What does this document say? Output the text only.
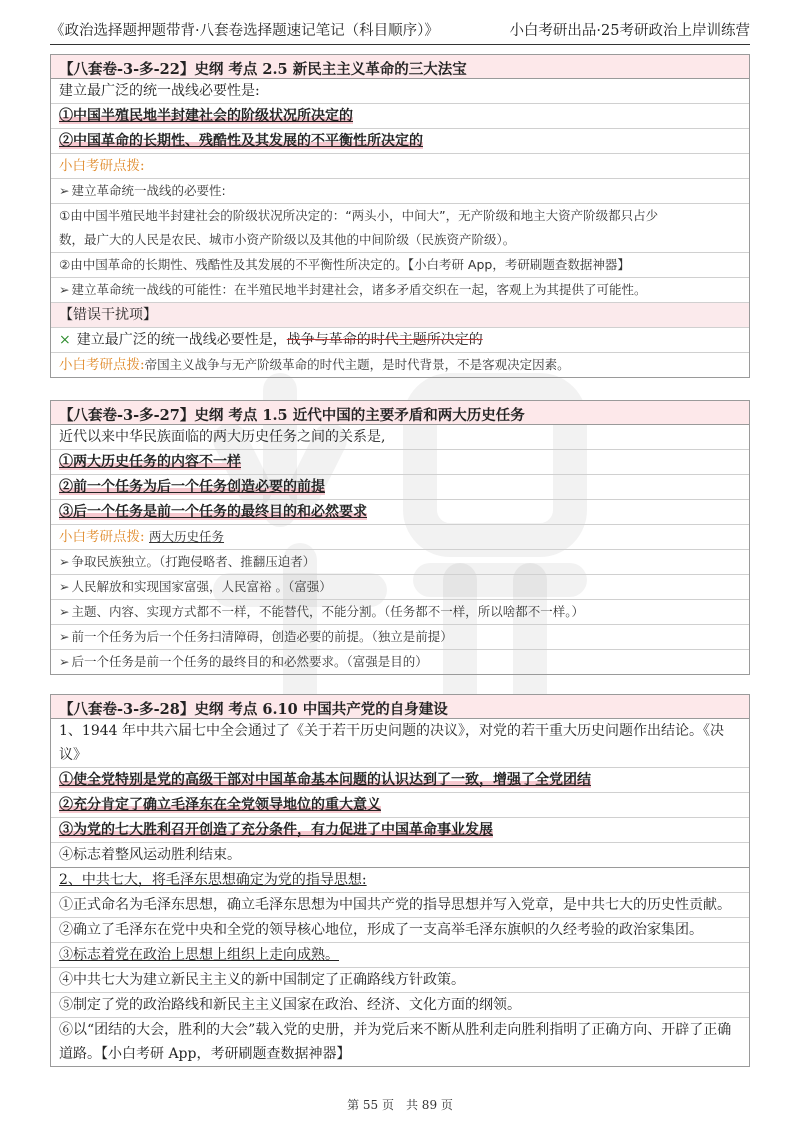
《政治选择题押题带背·八套卷选择题速记笔记（科目顺序）》	小白考研出品·25考研政治上岸训练营
【八套卷-3-多-22】史纲 考点 2.5 新民主主义革命的三大法宝
建立最广泛的统一战线必要性是:
①中国半殖民地半封建社会的阶级状况所决定的
②中国革命的长期性、残酷性及其发展的不平衡性所决定的
小白考研点拨:
➢ 建立革命统一战线的必要性:
①由中国半殖民地半封建社会的阶级状况所决定的：“两头小，中间大”，无产阶级和地主大资产阶级都只占少
数，最广大的人民是农民、城市小资产阶级以及其他的中间阶级（民族资产阶级）。
②由中国革命的长期性、残酷性及其发展的不平衡性所决定的。【小白考研 App，考研刷题查数据神器】
➢ 建立革命统一战线的可能性：在半殖民地半封建社会，诸多矛盾交织在一起，客观上为其提供了可能性。
【错误干扰项】
× 建立最广泛的统一战线必要性是，战争与革命的时代主题所决定的
小白考研点拨:帝国主义战争与无产阶级革命的时代主题，是时代背景，不是客观决定因素。
【八套卷-3-多-27】史纲 考点 1.5 近代中国的主要矛盾和两大历史任务
近代以来中华民族面临的两大历史任务之间的关系是,
①两大历史任务的内容不一样
②前一个任务为后一个任务创造必要的前提
③后一个任务是前一个任务的最终目的和必然要求
小白考研点拨: 两大历史任务
➢ 争取民族独立。（打跑侵略者、推翻压迫者）
➢ 人民解放和实现国家富强，人民富裕 。（富强）
➢ 主题、内容、实现方式都不一样，不能替代，不能分割。（任务都不一样，所以啥都不一样。）
➢ 前一个任务为后一个任务扫清障碍，创造必要的前提。（独立是前提）
➢ 后一个任务是前一个任务的最终目的和必然要求。（富强是目的）
【八套卷-3-多-28】史纲 考点 6.10 中国共产党的自身建设
1、1944 年中共六届七中全会通过了《关于若干历史问题的决议》，对党的若干重大历史问题作出结论。《决议》
①使全党特别是党的高级干部对中国革命基本问题的认识达到了一致，增强了全党团结
②充分肯定了确立毛泽东在全党领导地位的重大意义
③为党的七大胜利召开创造了充分条件，有力促进了中国革命事业发展
④标志着整风运动胜利结束。
2、中共七大，将毛泽东思想确定为党的指导思想:
①正式命名为毛泽东思想，确立毛泽东思想为中国共产党的指导思想并写入党章，是中共七大的历史性贡献。
②确立了毛泽东在党中央和全党的领导核心地位，形成了一支高举毛泽东旗帜的久经考验的政治家集团。
③标志着党在政治上思想上组织上走向成熟。
④中共七大为建立新民主主义的新中国制定了正确路线方针政策。
⑤制定了党的政治路线和新民主主义国家在政治、经济、文化方面的纲领。
⑥以“团结的大会，胜利的大会”载入党的史册，并为党后来不断从胜利走向胜利指明了正确方向、开辟了正确
道路。【小白考研 App，考研刷题查数据神器】
第 55 页　共 89 页
